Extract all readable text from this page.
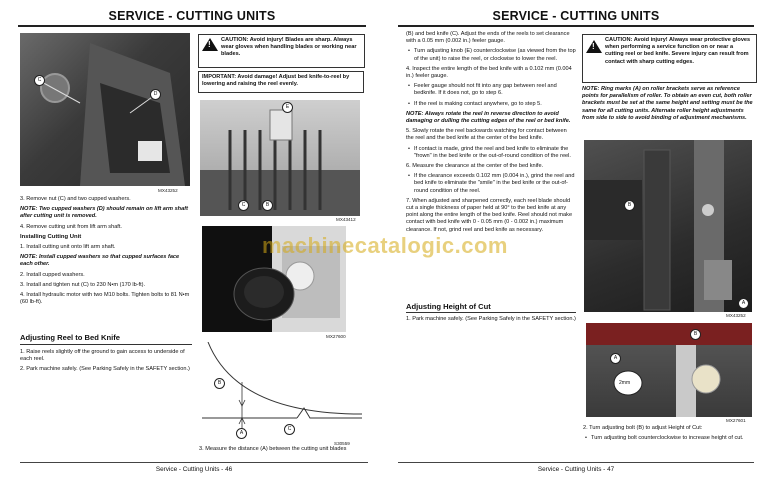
SERVICE - CUTTING UNITS
C
D
MX43252

3. Remove nut (C) and two cupped washers.

NOTE: Two cupped washers (D) should remain on lift arm shaft after cutting unit is removed.

4. Remove cutting unit from lift arm shaft.

Installing Cutting Unit

1. Install cutting unit onto lift arm shaft.

NOTE: Install cupped washers so that cupped surfaces face each other.

2. Install cupped washers.

3. Install and tighten nut (C) to 230 N•m (170 lb-ft).

4. Install hydraulic motor with two M10 bolts. Tighten bolts to 81 N•m (60 lb-ft).

Adjusting Reel to Bed Knife

1. Raise reels slightly off the ground to gain access to underside of each reel.

2. Park machine safely. (See Parking Safely in the SAFETY section.)

CAUTION: Avoid injury! Blades are sharp. Always wear gloves when handling blades or working near blades.
!
IMPORTANT: Avoid damage! Adjust bed knife-to-reel by lowering and raising the reel evenly.
E
C	B
MX43412
MX27600
B
A
C
S30559

3. Measure the distance (A) between the cutting unit blades

Service - Cutting Units - 46
SERVICE - CUTTING UNITS

(B) and bed knife (C). Adjust the ends of the reels to set clearance with a 0.05 mm (0.002 in.) feeler gauge.

• Turn adjusting knob (E) counterclockwise (as viewed from the top of the unit) to raise the reel, or clockwise to lower the reel.

4. Inspect the entire length of the bed knife with a 0.102 mm (0.004 in.) feeler gauge.

• Feeler gauge should not fit into any gap between reel and bedknife. If it does not, go to step 6.
• If the reel is making contact anywhere, go to step 5.

NOTE: Always rotate the reel in reverse direction to avoid damaging or dulling the cutting edges of the reel or bed knife.

5. Slowly rotate the reel backwards watching for contact between the reel and the bed knife at the center of the bed knife.

• If contact is made, grind the reel and bed knife to eliminate the "frown" in the bed knife or the out-of-round condition of the reel.

6. Measure the clearance at the center of the bed knife.

• If the clearance exceeds 0.102 mm (0.004 in.), grind the reel and bed knife to eliminate the "smile" in the bed knife or the out-of-round condition of the reel.

7. When adjusted and sharpened correctly, each reel blade should cut a single thickness of paper held at 90° to the bed knife at any point along the entire length of the bed knife. Reel should not make contact with bed knife with 0 - 0.05 mm (0 - 0.002 in.) maximum clearance. If not, grind reel and bed knife as necessary.

Adjusting Height of Cut

1. Park machine safely. (See Parking Safely in the SAFETY section.)

CAUTION: Avoid injury! Always wear protective gloves when performing a service function on or near a cutting reel or bed knife. Severe injury can result from contact with sharp cutting edges.
!
NOTE: Ring marks (A) on roller brackets serve as reference points for parallelism of roller. To obtain an even cut, both roller brackets must be set at the same height and setting must be the same for all cutting units. Alternate roller height adjustments from side to side to avoid binding of adjustment mechanisms.
B
A
MX43252
2mm
A
B
MX27601

2. Turn adjusting bolt (B) to adjust Height of Cut:

• Turn adjusting bolt counterclockwise to increase height of cut.
Service - Cutting Units - 47
machinecatalogic.com
